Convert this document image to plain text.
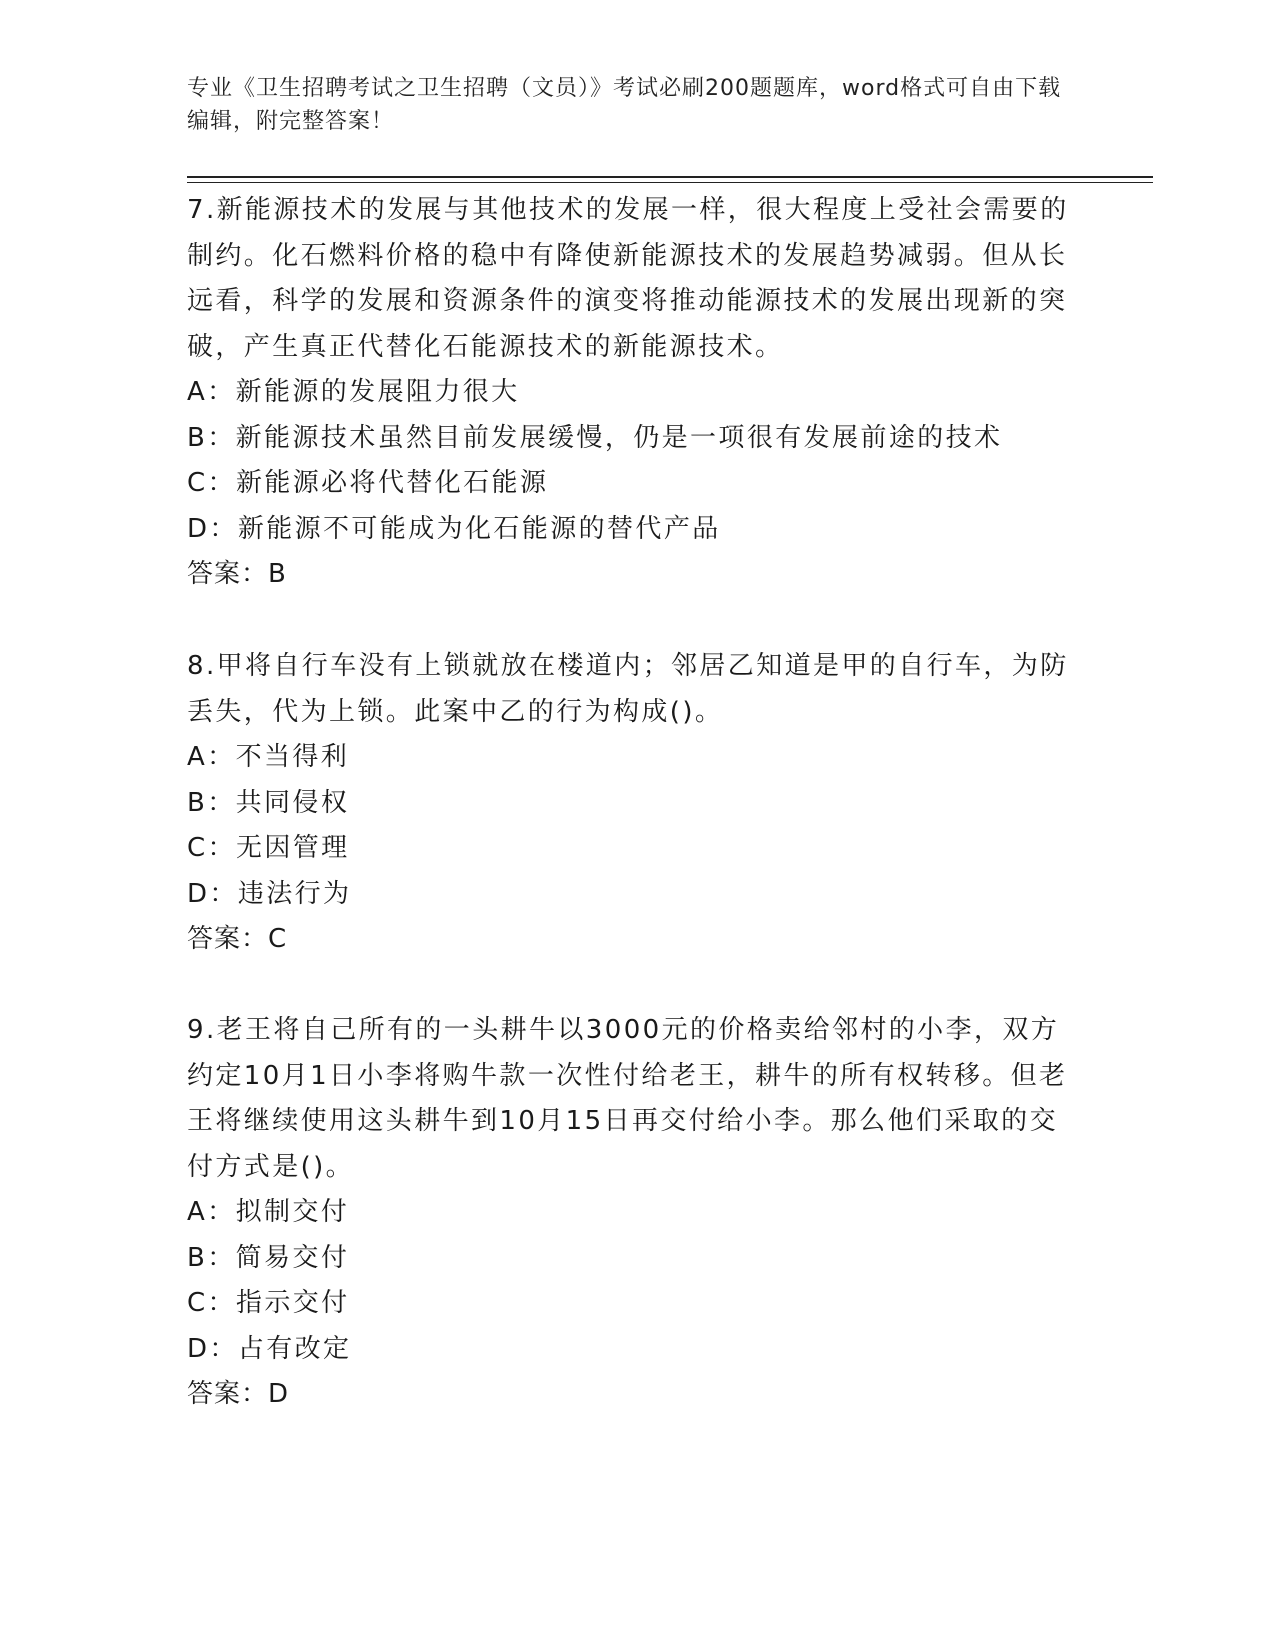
专业《卫生招聘考试之卫生招聘（文员）》考试必刷200题题库，word格式可自由下载编辑，附完整答案！

7.新能源技术的发展与其他技术的发展一样，很大程度上受社会需要的制约。化石燃料价格的稳中有降使新能源技术的发展趋势减弱。但从长远看，科学的发展和资源条件的演变将推动能源技术的发展出现新的突破，产生真正代替化石能源技术的新能源技术。

A：新能源的发展阻力很大

B：新能源技术虽然目前发展缓慢，仍是一项很有发展前途的技术

C：新能源必将代替化石能源

D：新能源不可能成为化石能源的替代产品

答案：B

8.甲将自行车没有上锁就放在楼道内；邻居乙知道是甲的自行车，为防丢失，代为上锁。此案中乙的行为构成()。

A：不当得利

B：共同侵权

C：无因管理

D：违法行为

答案：C

9.老王将自己所有的一头耕牛以3000元的价格卖给邻村的小李，双方约定10月1日小李将购牛款一次性付给老王，耕牛的所有权转移。但老王将继续使用这头耕牛到10月15日再交付给小李。那么他们采取的交付方式是()。

A：拟制交付

B：简易交付

C：指示交付

D：占有改定

答案：D
